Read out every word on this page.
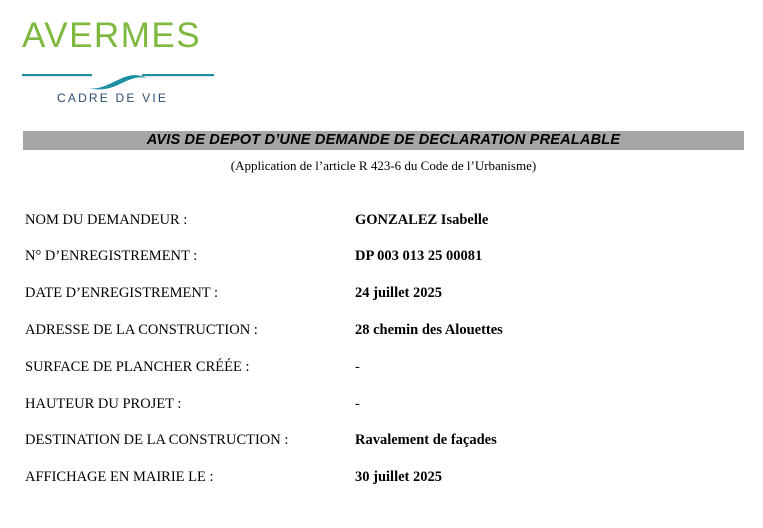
AVERMES
CADRE DE VIE
AVIS DE DEPOT D’UNE DEMANDE DE DECLARATION PREALABLE
(Application de l’article R 423-6 du Code de l’Urbanisme)
NOM DU DEMANDEUR :	GONZALEZ Isabelle
N° D’ENREGISTREMENT :	DP 003 013 25 00081
DATE D’ENREGISTREMENT :	24 juillet 2025
ADRESSE DE LA CONSTRUCTION :	28 chemin des Alouettes
SURFACE DE PLANCHER CRÉÉE :	-
HAUTEUR DU PROJET :	-
DESTINATION DE LA CONSTRUCTION :	Ravalement de façades
AFFICHAGE EN MAIRIE LE :	30 juillet 2025
